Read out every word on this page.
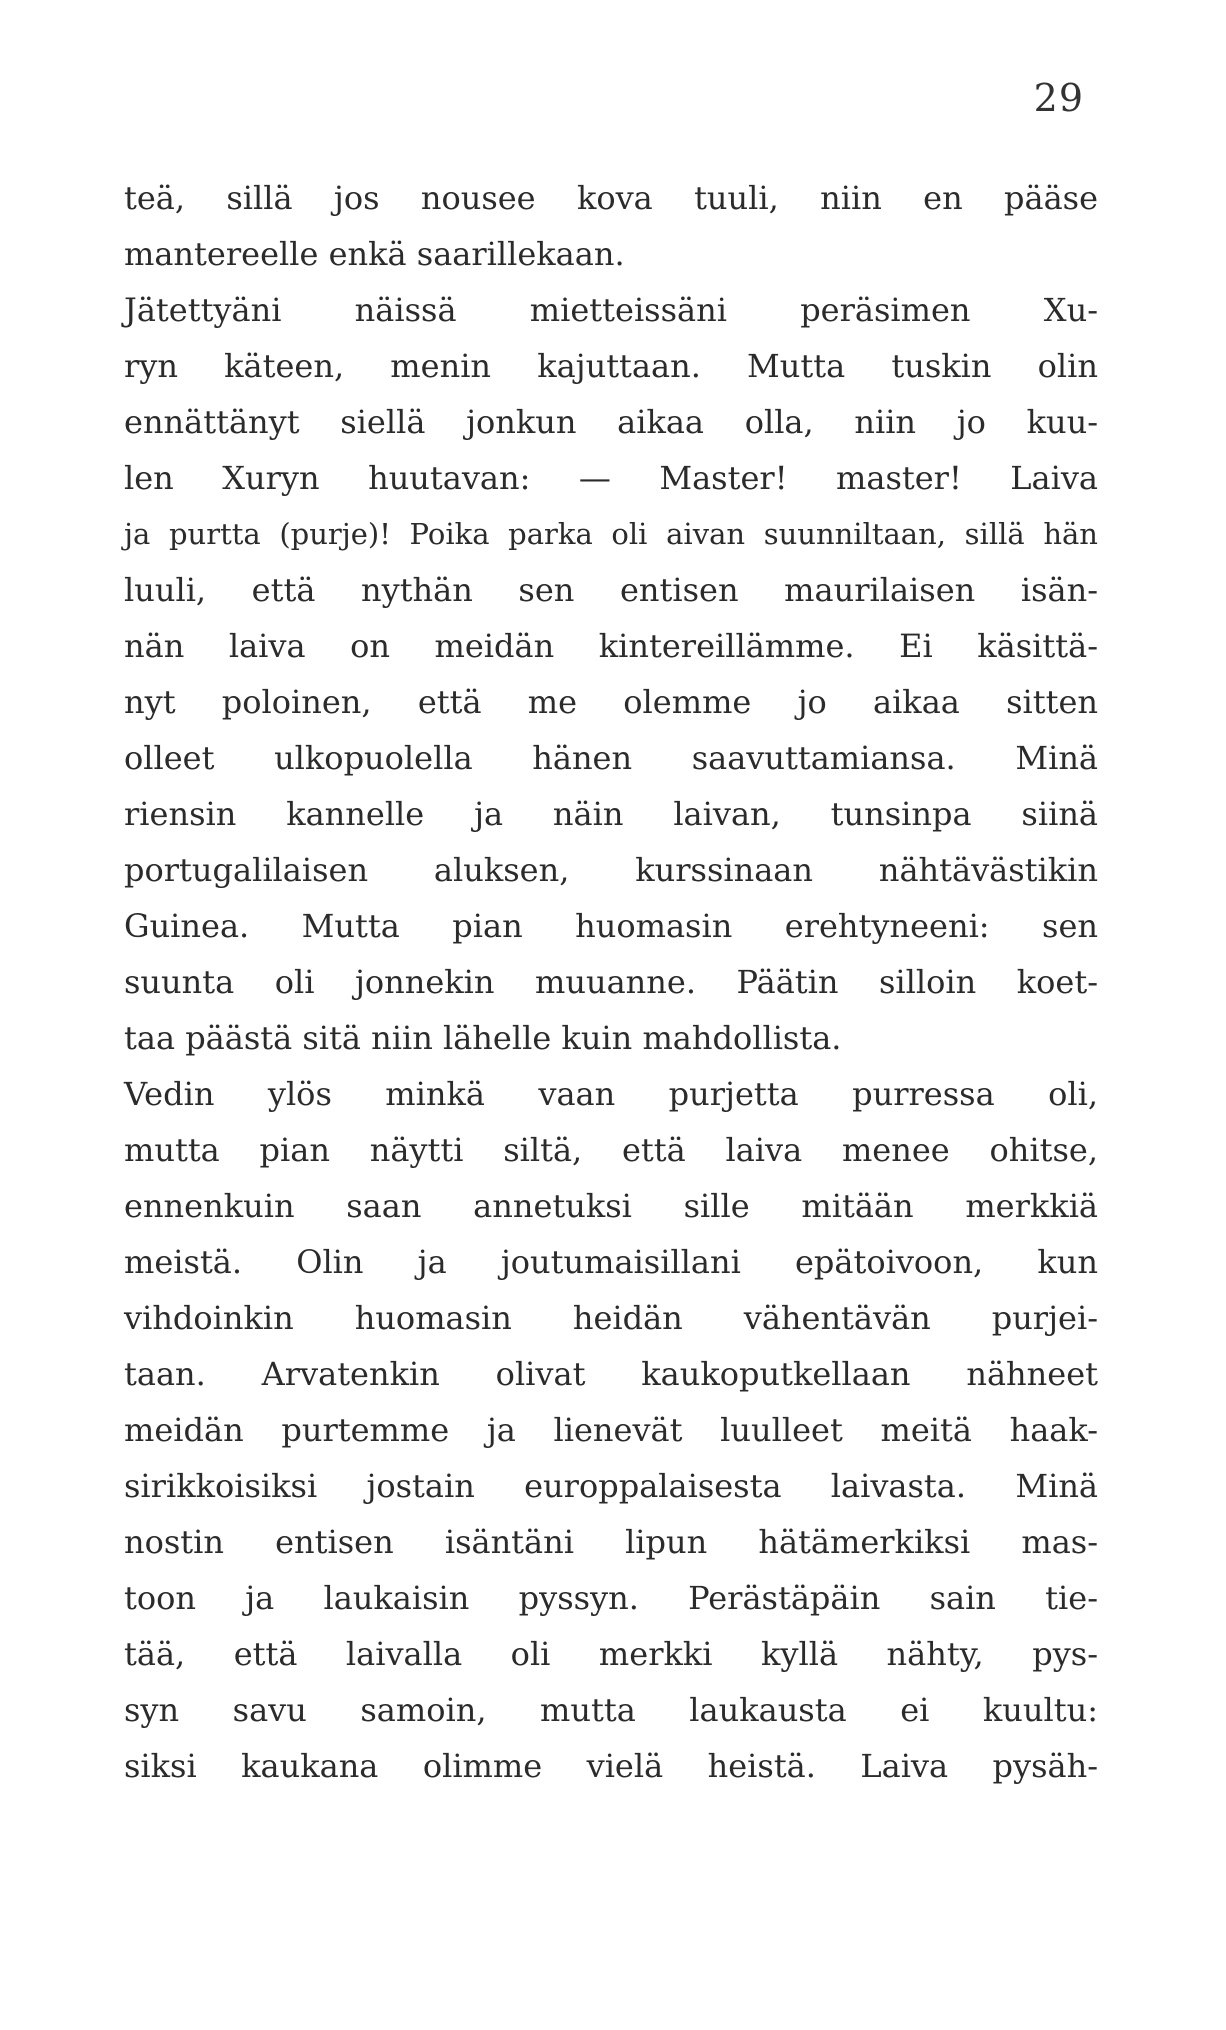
29
teä, sillä jos nousee kova tuuli, niin en pääse
mantereelle enkä saarillekaan.
Jätettyäni näissä mietteissäni peräsimen Xu-
ryn käteen, menin kajuttaan. Mutta tuskin olin
ennättänyt siellä jonkun aikaa olla, niin jo kuu-
len Xuryn huutavan: — Master! master! Laiva
ja purtta (purje)! Poika parka oli aivan suunniltaan, sillä hän
luuli, että nythän sen entisen maurilaisen isän-
nän laiva on meidän kintereillämme. Ei käsittä-
nyt poloinen, että me olemme jo aikaa sitten
olleet ulkopuolella hänen saavuttamiansa. Minä
riensin kannelle ja näin laivan, tunsinpa siinä
portugalilaisen aluksen, kurssinaan nähtävästikin
Guinea. Mutta pian huomasin erehtyneeni: sen
suunta oli jonnekin muuanne. Päätin silloin koet-
taa päästä sitä niin lähelle kuin mahdollista.
Vedin ylös minkä vaan purjetta purressa oli,
mutta pian näytti siltä, että laiva menee ohitse,
ennenkuin saan annetuksi sille mitään merkkiä
meistä. Olin ja joutumaisillani epätoivoon, kun
vihdoinkin huomasin heidän vähentävän purjei-
taan. Arvatenkin olivat kaukoputkellaan nähneet
meidän purtemme ja lienevät luulleet meitä haak-
sirikkoisiksi jostain europpalaisesta laivasta. Minä
nostin entisen isäntäni lipun hätämerkiksi mas-
toon ja laukaisin pyssyn. Perästäpäin sain tie-
tää, että laivalla oli merkki kyllä nähty, pys-
syn savu samoin, mutta laukausta ei kuultu:
siksi kaukana olimme vielä heistä. Laiva pysäh-
